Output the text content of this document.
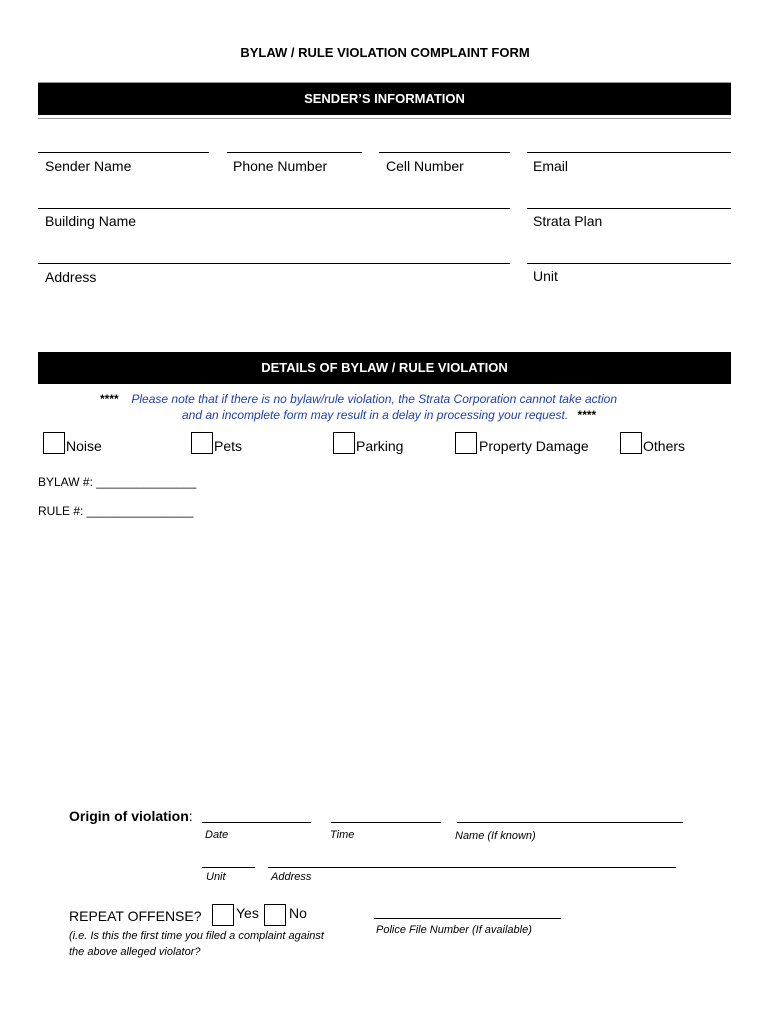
BYLAW / RULE VIOLATION COMPLAINT FORM
SENDER’S INFORMATION
Sender Name	Phone Number	Cell Number	Email
Building Name	Strata Plan
Address	Unit
DETAILS OF BYLAW / RULE VIOLATION
**** Please note that if there is no bylaw/rule violation, the Strata Corporation cannot take action
and an incomplete form may result in a delay in processing your request. ****
Noise	Pets	Parking	Property Damage	Others
BYLAW #: _______________
RULE #: ________________
Origin of violation:
Date	Time	Name (If known)
Unit	Address
REPEAT OFFENSE? Yes No
(i.e. Is this the first time you filed a complaint against
the above alleged violator?
Police File Number (If available)
